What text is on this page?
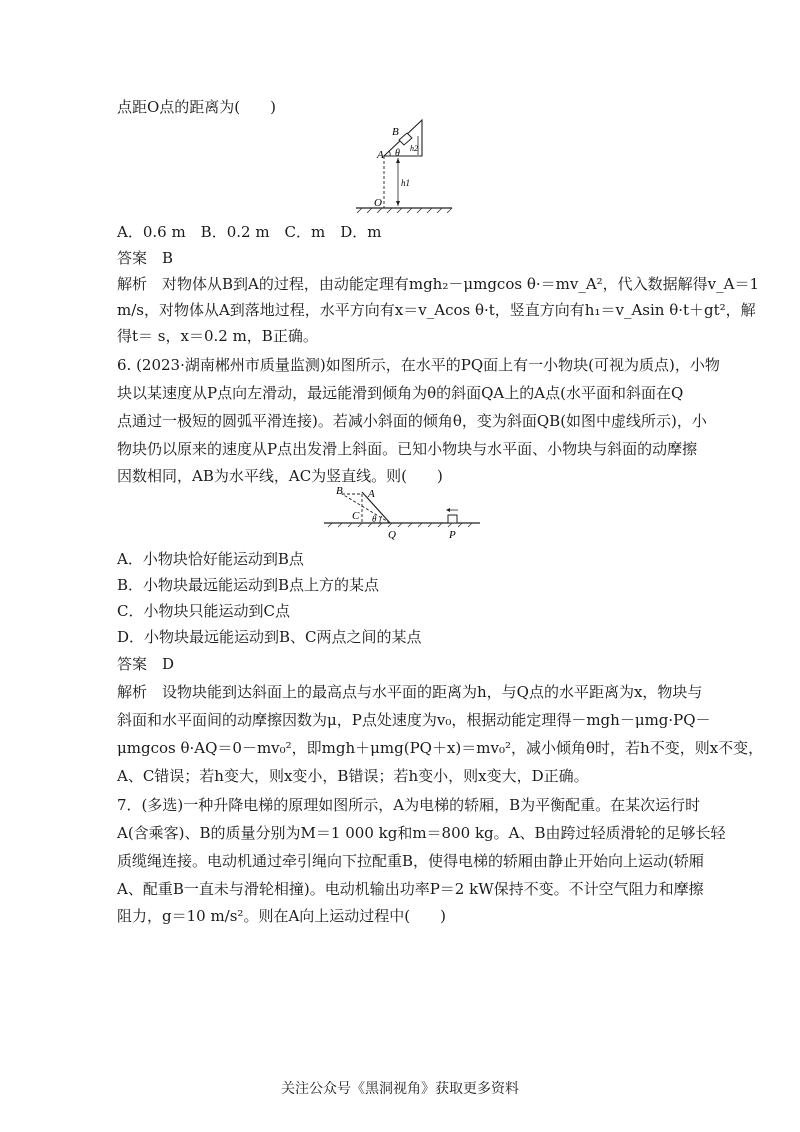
点距O点的距离为(　　)
B
A θ h2
h1
O
A．0.6 m　B．0.2 m　C．m　D．m
答案　B
解析　对物体从B到A的过程，由动能定理有mgh₂－μmgcos θ·＝mv_A²，代入数据解得v_A＝1
m/s，对物体从A到落地过程，水平方向有x＝v_Acos θ·t，竖直方向有h₁＝v_Asin θ·t＋gt²，解
得t＝ s，x＝0.2 m，B正确。
6. (2023·湖南郴州市质量监测)如图所示，在水平的PQ面上有一小物块(可视为质点)，小物
块以某速度从P点向左滑动，最远能滑到倾角为θ的斜面QA上的A点(水平面和斜面在Q
点通过一极短的圆弧平滑连接)。若减小斜面的倾角θ，变为斜面QB(如图中虚线所示)，小
物块仍以原来的速度从P点出发滑上斜面。已知小物块与水平面、小物块与斜面的动摩擦
因数相同，AB为水平线，AC为竖直线。则(　　)
B A
C θ
Q	P
A．小物块恰好能运动到B点
B．小物块最远能运动到B点上方的某点
C．小物块只能运动到C点
D．小物块最远能运动到B、C两点之间的某点
答案　D
解析　设物块能到达斜面上的最高点与水平面的距离为h，与Q点的水平距离为x，物块与
斜面和水平面间的动摩擦因数为μ，P点处速度为v₀，根据动能定理得－mgh－μmg·PQ－
μmgcos θ·AQ＝0－mv₀²，即mgh＋μmg(PQ＋x)＝mv₀²，减小倾角θ时，若h不变，则x不变，
A、C错误；若h变大，则x变小，B错误；若h变小，则x变大，D正确。
7．(多选)一种升降电梯的原理如图所示，A为电梯的轿厢，B为平衡配重。在某次运行时
A(含乘客)、B的质量分别为M＝1 000 kg和m＝800 kg。A、B由跨过轻质滑轮的足够长轻
质缆绳连接。电动机通过牵引绳向下拉配重B，使得电梯的轿厢由静止开始向上运动(轿厢
A、配重B一直未与滑轮相撞)。电动机输出功率P＝2 kW保持不变。不计空气阻力和摩擦
阻力，g＝10 m/s²。则在A向上运动过程中(　　)
关注公众号《黑洞视角》获取更多资料
